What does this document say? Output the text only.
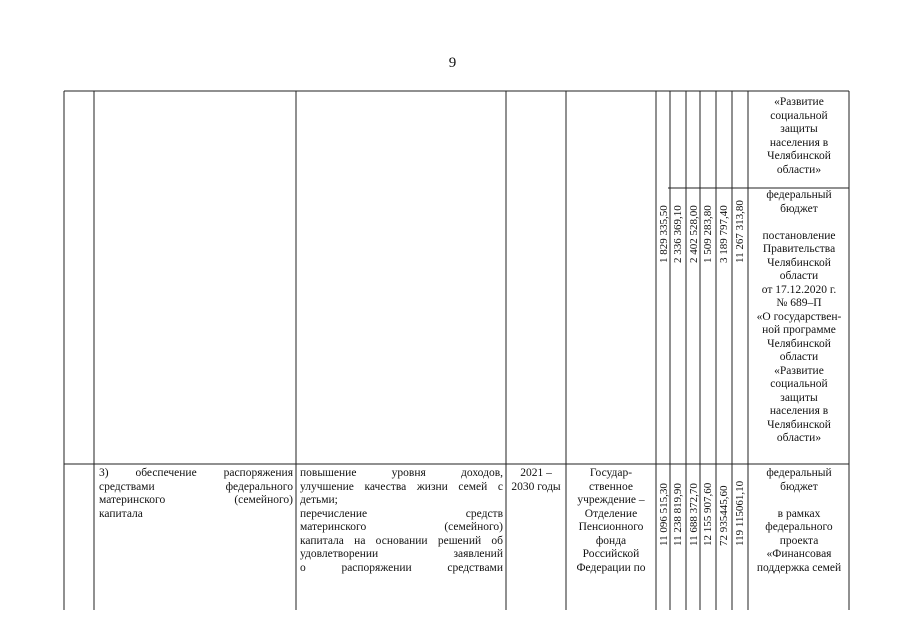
9
«Развитие
социальной
защиты
населения в
Челябинской
области»
1 829 335,50 2 336 369,10 2 402 528,00 1 509 283,80 3 189 797,40 11 267 313,80
федеральный
бюджет
постановление
Правительства
Челябинской
области
от 17.12.2020 г.
№ 689–П
«О государствен-
ной программе
Челябинской
области
«Развитие
социальной
защиты
населения в
Челябинской
области»
3) обеспечение распоряжения
средствами федерального
материнского (семейного)
капитала
повышение уровня доходов,
улучшение качества жизни семей с
детьми;
перечисление средств
материнского (семейного)
капитала на основании решений об
удовлетворении заявлений
о распоряжении средствами
2021 –
2030 годы
Государ-
ственное
учреждение –
Отделение
Пенсионного
фонда
Российской
Федерации по
11 096 515,30 11 238 819,90 11 688 372,70 12 155 907,60 72 935445,60 119 115061,10
федеральный
бюджет
в рамках
федерального
проекта
«Финансовая
поддержка семей
